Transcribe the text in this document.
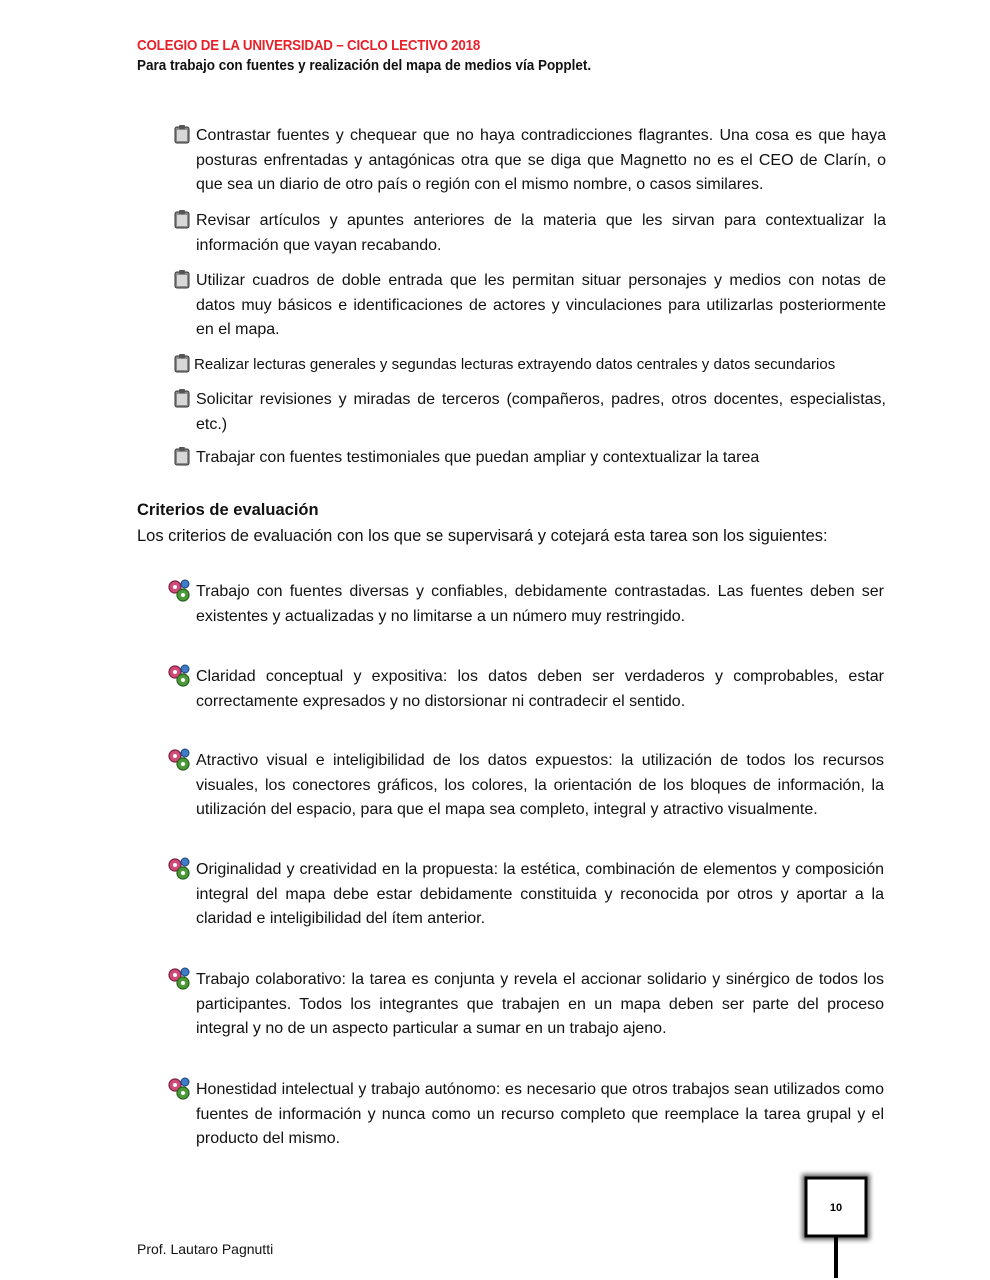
COLEGIO DE LA UNIVERSIDAD – CICLO LECTIVO 2018
Para trabajo con fuentes y realización del mapa de medios vía Popplet.
Contrastar fuentes y chequear que no haya contradicciones flagrantes. Una cosa es que haya posturas enfrentadas y antagónicas otra que se diga que Magnetto no es el CEO de Clarín, o que sea un diario de otro país o región con el mismo nombre, o casos similares.
Revisar artículos y apuntes anteriores de la materia que les sirvan para contextualizar la información que vayan recabando.
Utilizar cuadros de doble entrada que les permitan situar personajes y medios con notas de datos muy básicos e identificaciones de actores y vinculaciones para utilizarlas posteriormente en el mapa.
Realizar lecturas generales y segundas lecturas extrayendo datos centrales y datos secundarios
Solicitar revisiones y miradas de terceros (compañeros, padres, otros docentes, especialistas, etc.)
Trabajar con fuentes testimoniales que puedan ampliar y contextualizar la tarea
Criterios de evaluación
Los criterios de evaluación con los que se supervisará y cotejará esta tarea son los siguientes:
Trabajo con fuentes diversas y confiables, debidamente contrastadas. Las fuentes deben ser existentes y actualizadas y no limitarse a un número muy restringido.
Claridad conceptual y expositiva: los datos deben ser verdaderos y comprobables, estar correctamente expresados y no distorsionar ni contradecir el sentido.
Atractivo visual e inteligibilidad de los datos expuestos: la utilización de todos los recursos visuales, los conectores gráficos, los colores, la orientación de los bloques de información, la utilización del espacio, para que el mapa sea completo, integral y atractivo visualmente.
Originalidad y creatividad en la propuesta: la estética, combinación de elementos y composición integral del mapa debe estar debidamente constituida y reconocida por otros y aportar a la claridad e inteligibilidad del ítem anterior.
Trabajo colaborativo: la tarea es conjunta y revela el accionar solidario y sinérgico de todos los participantes. Todos los integrantes que trabajen en un mapa deben ser parte del proceso integral y no de un aspecto particular a sumar en un trabajo ajeno.
Honestidad intelectual y trabajo autónomo: es necesario que otros trabajos sean utilizados como fuentes de información y nunca como un recurso completo que reemplace la tarea grupal y el producto del mismo.
Prof. Lautaro Pagnutti
10
